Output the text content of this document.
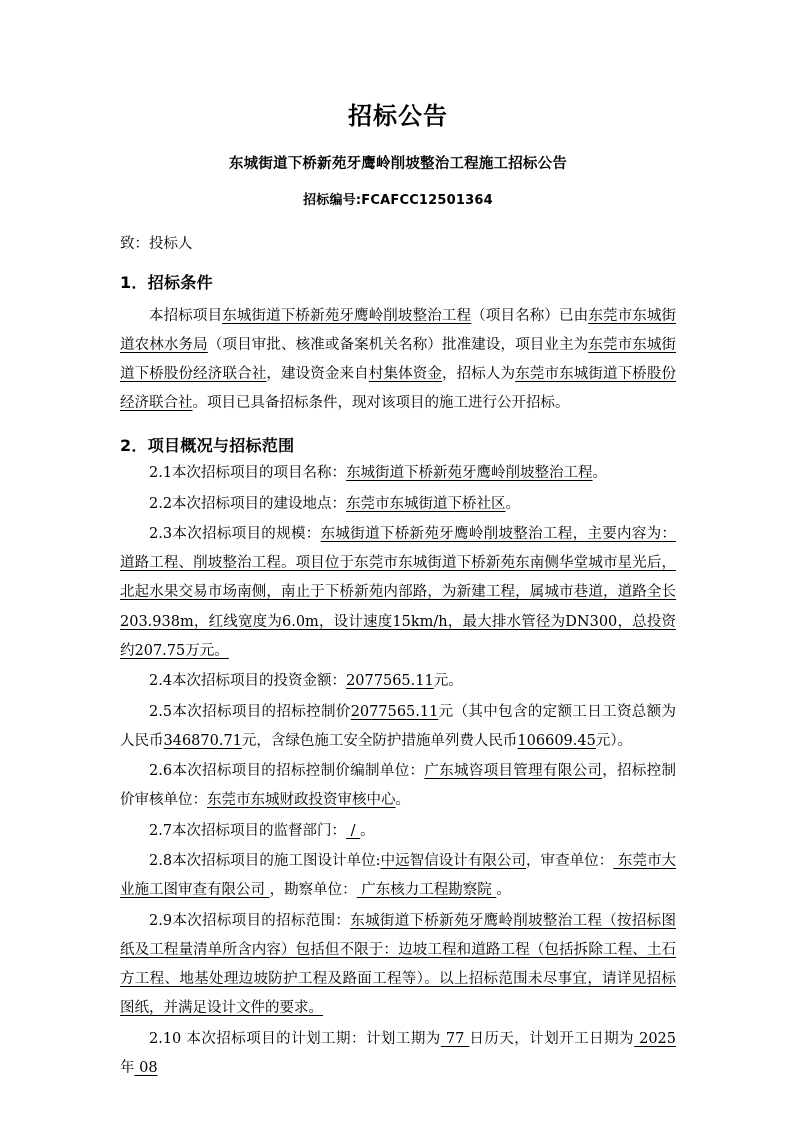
招标公告
东城街道下桥新苑牙鹰岭削坡整治工程施工招标公告
招标编号:FCAFCC12501364
致：投标人
1．招标条件

本招标项目东城街道下桥新苑牙鹰岭削坡整治工程（项目名称）已由东莞市东城街道农林水务局（项目审批、核准或备案机关名称）批准建设，项目业主为东莞市东城街道下桥股份经济联合社，建设资金来自村集体资金，招标人为东莞市东城街道下桥股份经济联合社。项目已具备招标条件，现对该项目的施工进行公开招标。

2．项目概况与招标范围

2.1本次招标项目的项目名称：东城街道下桥新苑牙鹰岭削坡整治工程。

2.2本次招标项目的建设地点：东莞市东城街道下桥社区。

2.3本次招标项目的规模：东城街道下桥新苑牙鹰岭削坡整治工程，主要内容为：道路工程、削坡整治工程。项目位于东莞市东城街道下桥新苑东南侧华堂城市星光后，北起水果交易市场南侧，南止于下桥新苑内部路，为新建工程，属城市巷道，道路全长203.938m，红线宽度为6.0m，设计速度15km/h，最大排水管径为DN300，总投资约207.75万元。

2.4本次招标项目的投资金额：2077565.11元。

2.5本次招标项目的招标控制价2077565.11元（其中包含的定额工日工资总额为人民币346870.71元，含绿色施工安全防护措施单列费人民币106609.45元）。

2.6本次招标项目的招标控制价编制单位：广东城咨项目管理有限公司，招标控制价审核单位：东莞市东城财政投资审核中心。

2.7本次招标项目的监督部门： / 。

2.8本次招标项目的施工图设计单位:中远智信设计有限公司，审查单位： 东莞市大业施工图审查有限公司 ，勘察单位： 广东核力工程勘察院 。

2.9本次招标项目的招标范围：东城街道下桥新苑牙鹰岭削坡整治工程（按招标图纸及工程量清单所含内容）包括但不限于：边坡工程和道路工程（包括拆除工程、土石方工程、地基处理边坡防护工程及路面工程等）。以上招标范围未尽事宜，请详见招标图纸，并满足设计文件的要求。

2.10 本次招标项目的计划工期：计划工期为 77 日历天，计划开工日期为 2025 年 08
